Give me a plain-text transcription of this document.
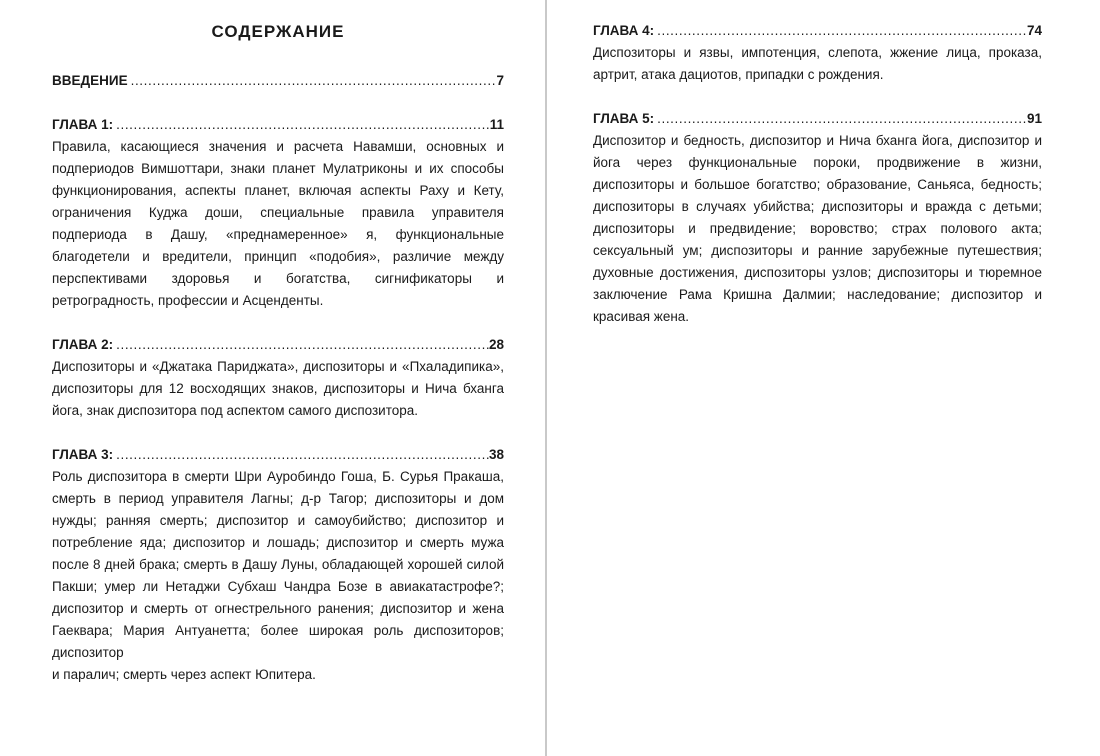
СОДЕРЖАНИЕ
ВВЕДЕНИЕ .....	7
ГЛАВА 1: .....	11

Правила, касающиеся значения и расчета Навамши, основных и подпериодов Вимшоттари, знаки планет Мулатриконы и их способы функционирования, аспекты планет, включая аспекты Раху и Кету, ограничения Куджа доши, специальные правила управителя подпериода в Дашу, «преднамеренное» я, функциональные благодетели и вредители, принцип «подобия», различие между перспективами здоровья и богатства, сигнификаторы и ретроградность, профессии и Асценденты.

ГЛАВА 2: .....	28

Диспозиторы и «Джатака Париджата», диспозиторы и «Пхаладипика», диспозиторы для 12 восходящих знаков, диспозиторы и Нича бханга йога, знак диспозитора под аспектом самого диспозитора.

ГЛАВА 3: .....	38

Роль диспозитора в смерти Шри Ауробиндо Гоша, Б. Сурья Пракаша, смерть в период управителя Лагны; д-р Тагор; диспозиторы и дом нужды; ранняя смерть; диспозитор и самоубийство; диспозитор и потребление яда; диспозитор и лошадь; диспозитор и смерть мужа после 8 дней брака; смерть в Дашу Луны, обладающей хорошей силой Пакши; умер ли Нетаджи Субхаш Чандра Бозе в авиакатастрофе?; диспозитор и смерть от огнестрельного ранения; диспозитор и жена Гаеквара; Мария Антуанетта; более широкая роль диспозиторов; диспозитор

и паралич; смерть через аспект Юпитера.
ГЛАВА 4: .....	74

Диспозиторы и язвы, импотенция, слепота, жжение лица, проказа, артрит, атака дациотов, припадки с рождения.

ГЛАВА 5: .....	91

Диспозитор и бедность, диспозитор и Нича бханга йога, диспозитор и йога через функциональные пороки, продвижение в жизни, диспозиторы и большое богатство; образование, Саньяса, бедность; диспозиторы в случаях убийства; диспозиторы и вражда с детьми; диспозиторы и предвидение; воровство; страх полового акта; сексуальный ум; диспозиторы и ранние зарубежные путешествия; духовные достижения, диспозиторы узлов; диспозиторы и тюремное заключение Рама Кришна Далмии; наследование; диспозитор и красивая жена.
